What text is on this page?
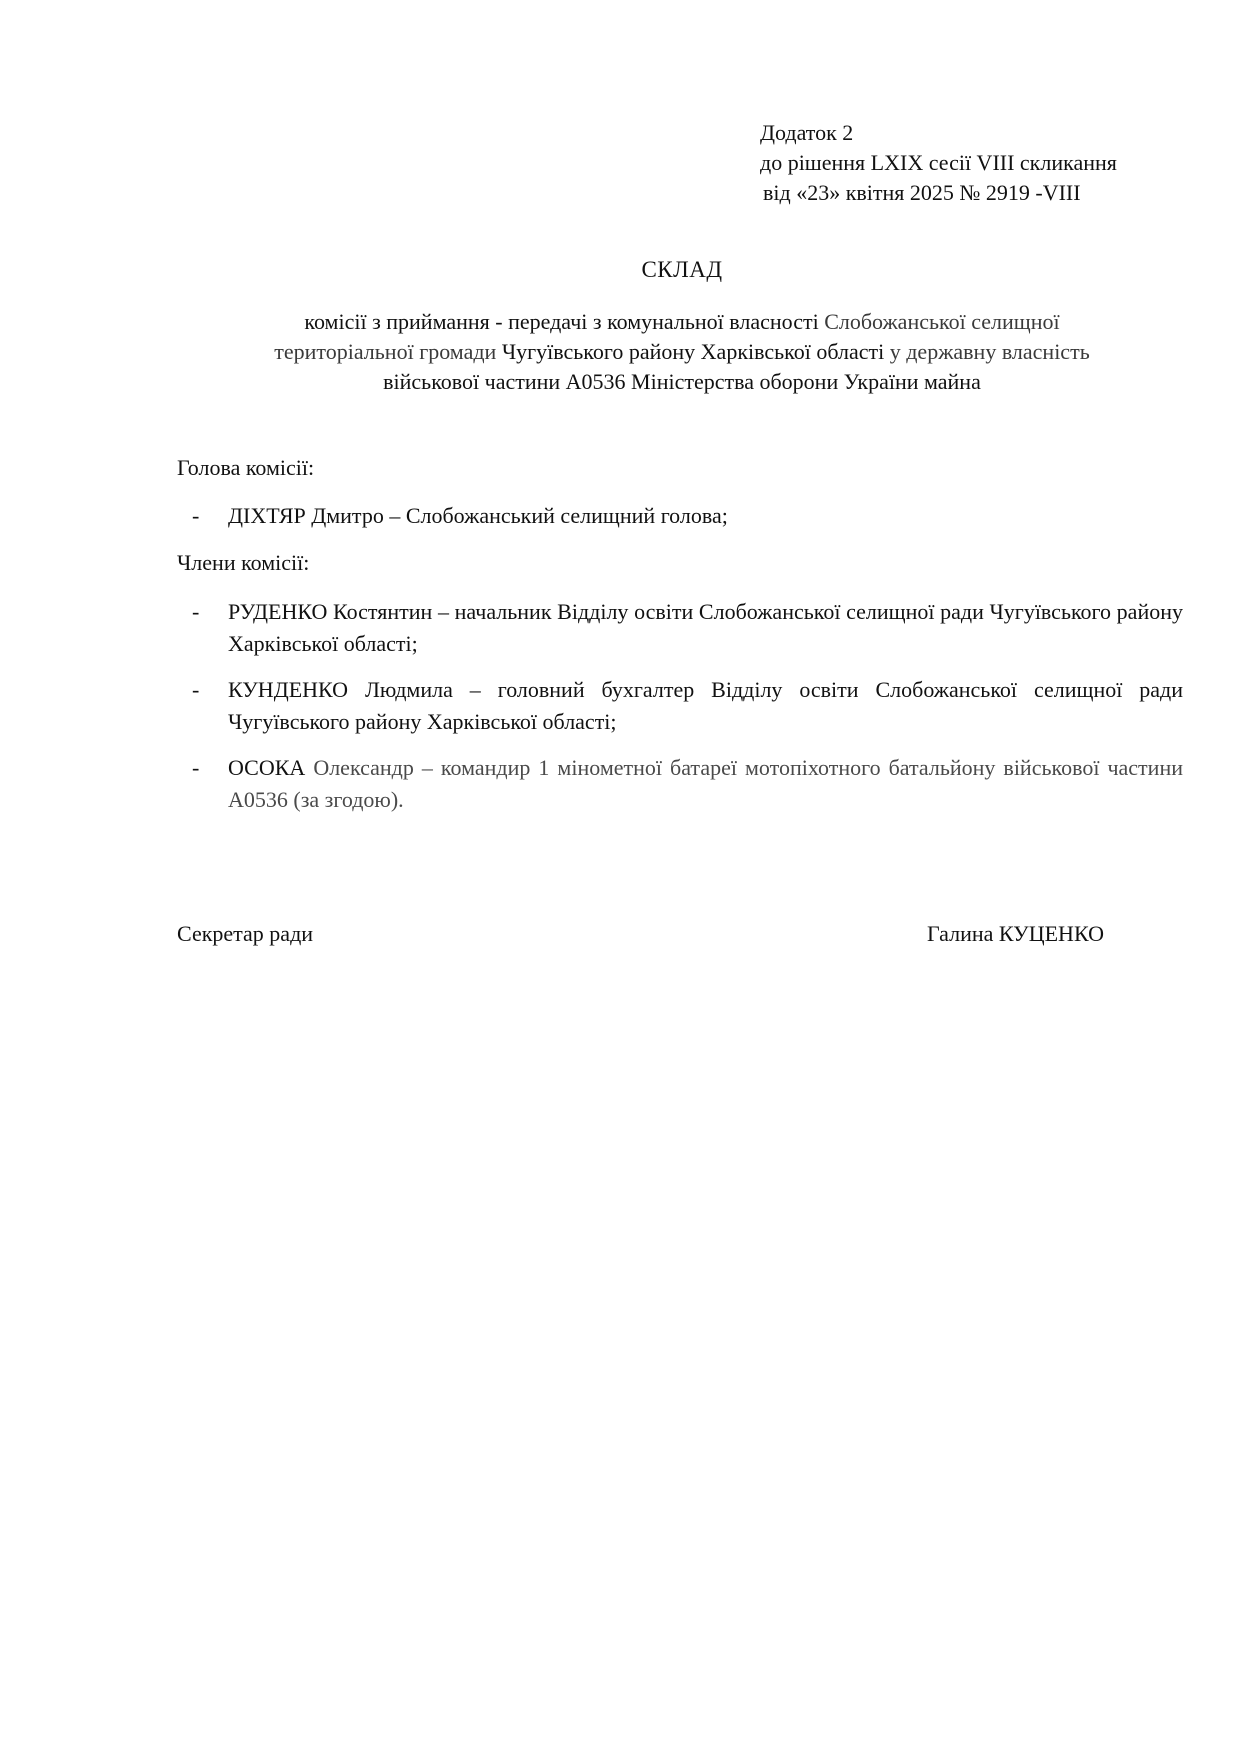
Додаток 2
до рішення LXIX сесії VIII скликання
від «23» квітня 2025 № 2919 -VIII
СКЛАД
комісії з приймання - передачі з комунальної власності Слобожанської селищної
територіальної громади Чугуївського району Харківської області у державну власність
військової частини А0536 Міністерства оборони України майна
Голова комісії:
- ДІХТЯР Дмитро – Слобожанський селищний голова;
Члени комісії:
- РУДЕНКО Костянтин – начальник Відділу освіти Слобожанської селищної ради Чугуївського району Харківської області;
- КУНДЕНКО Людмила – головний бухгалтер Відділу освіти Слобожанської селищної ради Чугуївського району Харківської області;
- ОСОКА Олександр – командир 1 мінометної батареї мотопіхотного батальйону військової частини А0536 (за згодою).
Секретар ради	Галина КУЦЕНКО
